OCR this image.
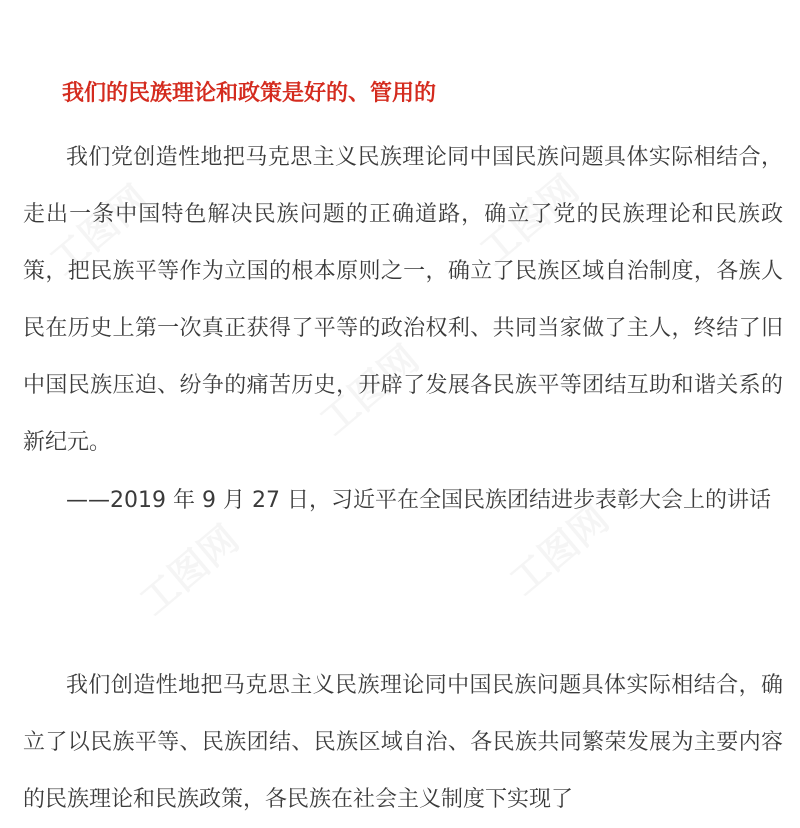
工图网
工图网	工图网
工图网
工图网
我们的民族理论和政策是好的、管用的

我们党创造性地把马克思主义民族理论同中国民族问题具体实际相结合，走出一条中国特色解决民族问题的正确道路，确立了党的民族理论和民族政策，把民族平等作为立国的根本原则之一，确立了民族区域自治制度，各族人民在历史上第一次真正获得了平等的政治权利、共同当家做了主人，终结了旧中国民族压迫、纷争的痛苦历史，开辟了发展各民族平等团结互助和谐关系的新纪元。

——2019 年 9 月 27 日，习近平在全国民族团结进步表彰大会上的讲话

我们创造性地把马克思主义民族理论同中国民族问题具体实际相结合，确立了以民族平等、民族团结、民族区域自治、各民族共同繁荣发展为主要内容的民族理论和民族政策，各民族在社会主义制度下实现了
